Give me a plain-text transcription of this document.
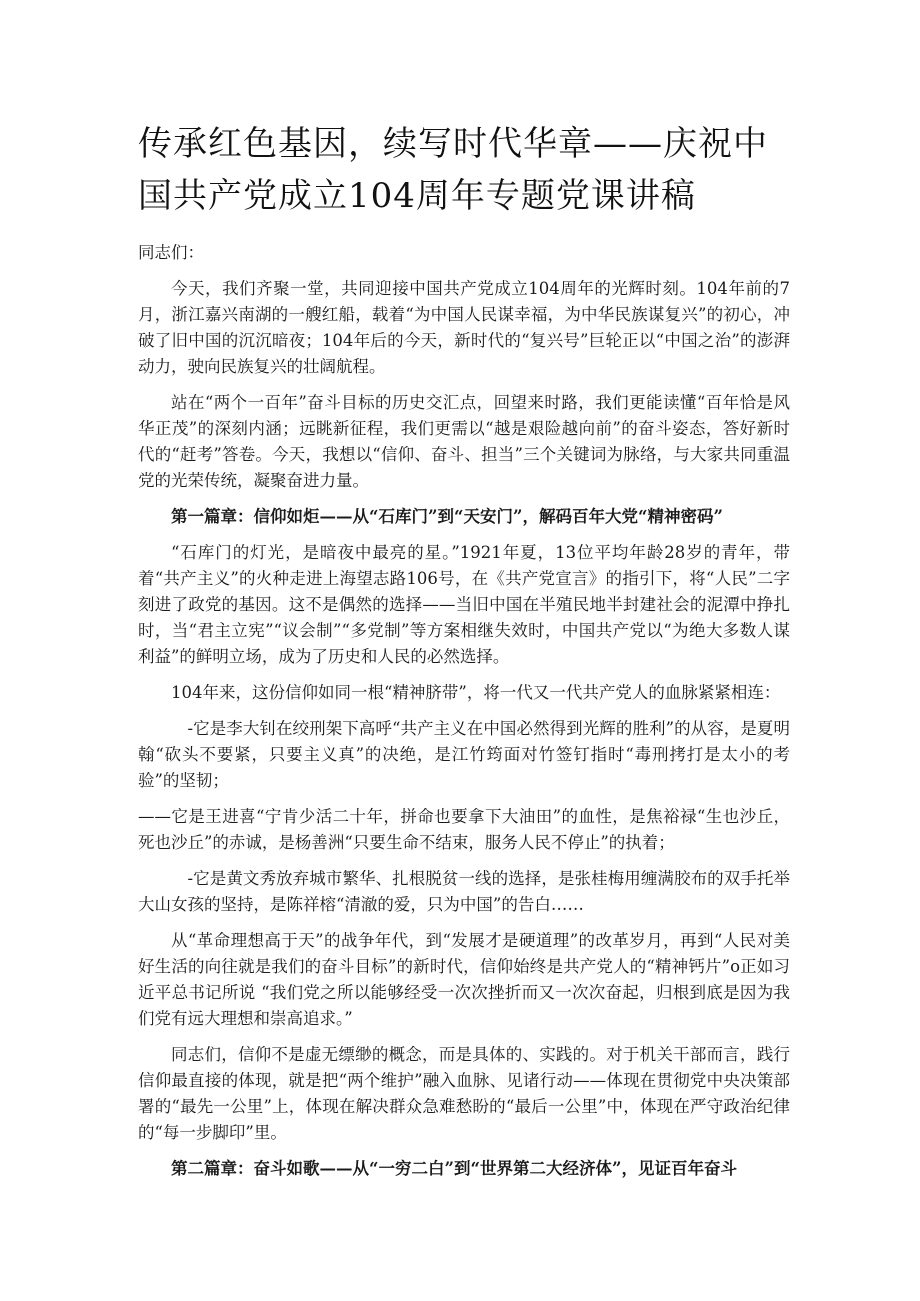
传承红色基因，续写时代华章——庆祝中国共产党成立104周年专题党课讲稿

同志们：

今天，我们齐聚一堂，共同迎接中国共产党成立104周年的光辉时刻。104年前的7月，浙江嘉兴南湖的一艘红船，载着“为中国人民谋幸福，为中华民族谋复兴”的初心，冲破了旧中国的沉沉暗夜；104年后的今天，新时代的“复兴号”巨轮正以“中国之治”的澎湃动力，驶向民族复兴的壮阔航程。

站在“两个一百年”奋斗目标的历史交汇点，回望来时路，我们更能读懂“百年恰是风华正茂”的深刻内涵；远眺新征程，我们更需以“越是艰险越向前”的奋斗姿态，答好新时代的“赶考”答卷。今天，我想以“信仰、奋斗、担当”三个关键词为脉络，与大家共同重温党的光荣传统，凝聚奋进力量。

第一篇章：信仰如炬——从“石库门”到“天安门”，解码百年大党“精神密码”

“石库门的灯光，是暗夜中最亮的星。”1921年夏，13位平均年龄28岁的青年，带着“共产主义”的火种走进上海望志路106号，在《共产党宣言》的指引下，将“人民”二字刻进了政党的基因。这不是偶然的选择——当旧中国在半殖民地半封建社会的泥潭中挣扎时，当“君主立宪”“议会制”“多党制”等方案相继失效时，中国共产党以“为绝大多数人谋利益”的鲜明立场，成为了历史和人民的必然选择。

104年来，这份信仰如同一根“精神脐带”，将一代又一代共产党人的血脉紧紧相连：

-它是李大钊在绞刑架下高呼“共产主义在中国必然得到光辉的胜利”的从容，是夏明翰“砍头不要紧，只要主义真”的决绝，是江竹筠面对竹签钉指时“毒刑拷打是太小的考验”的坚韧；

——它是王进喜“宁肯少活二十年，拼命也要拿下大油田”的血性，是焦裕禄“生也沙丘，死也沙丘”的赤诚，是杨善洲“只要生命不结束，服务人民不停止”的执着；

-它是黄文秀放弃城市繁华、扎根脱贫一线的选择，是张桂梅用缠满胶布的双手托举大山女孩的坚持，是陈祥榕“清澈的爱，只为中国”的告白……

从“革命理想高于天”的战争年代，到“发展才是硬道理”的改革岁月，再到“人民对美好生活的向往就是我们的奋斗目标”的新时代，信仰始终是共产党人的“精神钙片”o正如习近平总书记所说 “我们党之所以能够经受一次次挫折而又一次次奋起，归根到底是因为我们党有远大理想和崇高追求。”

同志们，信仰不是虚无缥缈的概念，而是具体的、实践的。对于机关干部而言，践行信仰最直接的体现，就是把“两个维护”融入血脉、见诸行动——体现在贯彻党中央决策部署的“最先一公里”上，体现在解决群众急难愁盼的“最后一公里”中，体现在严守政治纪律的“每一步脚印”里。

第二篇章：奋斗如歌——从“一穷二白”到“世界第二大经济体”，见证百年奋斗
